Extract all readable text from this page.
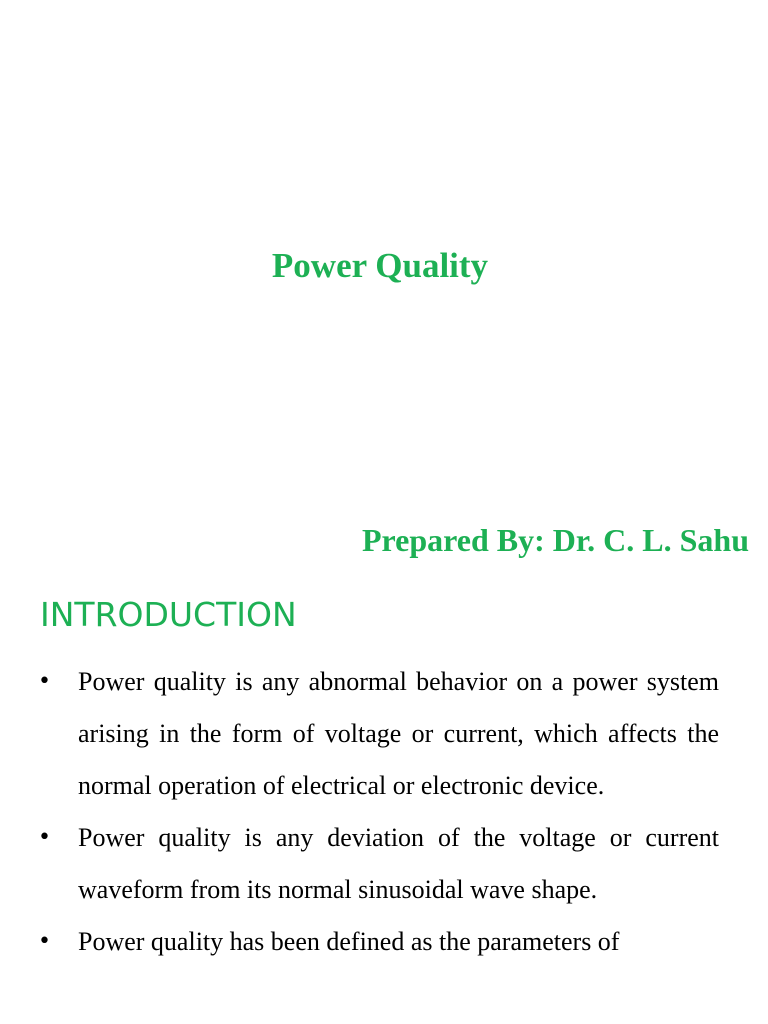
Power Quality

Prepared By: Dr. C. L. Sahu

INTRODUCTION
• Power quality is any abnormal behavior on a power system arising in the form of voltage or current, which affects the normal operation of electrical or electronic device.
• Power quality is any deviation of the voltage or current waveform from its normal sinusoidal wave shape.
• Power quality has been defined as the parameters of
